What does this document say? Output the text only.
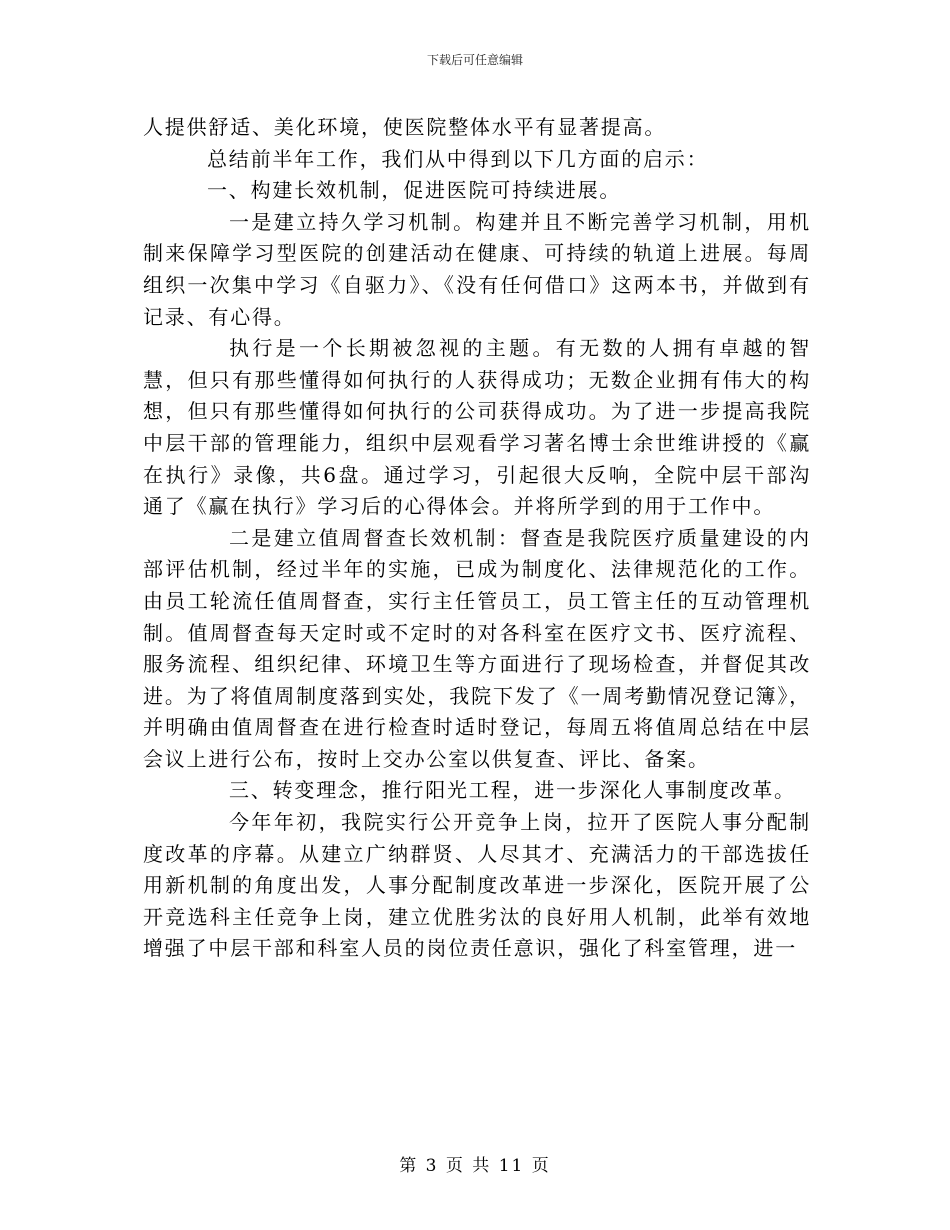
下载后可任意编辑

人提供舒适、美化环境，使医院整体水平有显著提高。

总结前半年工作，我们从中得到以下几方面的启示：

一、构建长效机制，促进医院可持续进展。

一是建立持久学习机制。构建并且不断完善学习机制，用机制来保障学习型医院的创建活动在健康、可持续的轨道上进展。每周组织一次集中学习《自驱力》、《没有任何借口》这两本书，并做到有记录、有心得。

执行是一个长期被忽视的主题。有无数的人拥有卓越的智慧，但只有那些懂得如何执行的人获得成功；无数企业拥有伟大的构想，但只有那些懂得如何执行的公司获得成功。为了进一步提高我院中层干部的管理能力，组织中层观看学习著名博士余世维讲授的《赢在执行》录像，共6盘。通过学习，引起很大反响，全院中层干部沟通了《赢在执行》学习后的心得体会。并将所学到的用于工作中。

二是建立值周督查长效机制：督查是我院医疗质量建设的内部评估机制，经过半年的实施，已成为制度化、法律规范化的工作。由员工轮流任值周督查，实行主任管员工，员工管主任的互动管理机制。值周督查每天定时或不定时的对各科室在医疗文书、医疗流程、服务流程、组织纪律、环境卫生等方面进行了现场检查，并督促其改进。为了将值周制度落到实处，我院下发了《一周考勤情况登记簿》，并明确由值周督查在进行检查时适时登记，每周五将值周总结在中层会议上进行公布，按时上交办公室以供复查、评比、备案。

三、转变理念，推行阳光工程，进一步深化人事制度改革。

今年年初，我院实行公开竞争上岗，拉开了医院人事分配制度改革的序幕。从建立广纳群贤、人尽其才、充满活力的干部选拔任用新机制的角度出发，人事分配制度改革进一步深化，医院开展了公开竞选科主任竞争上岗，建立优胜劣汰的良好用人机制，此举有效地增强了中层干部和科室人员的岗位责任意识，强化了科室管理，进一

第 3 页 共 11 页
